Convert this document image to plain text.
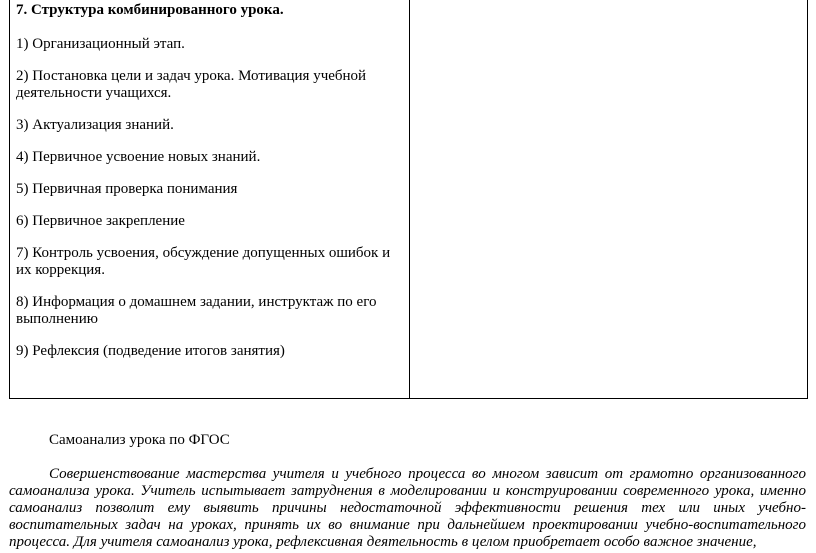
7. Структура комбинированного урока.

1) Организационный этап.

2) Постановка цели и задач урока. Мотивация учебной деятельности учащихся.

3) Актуализация знаний.

4) Первичное усвоение новых знаний.

5) Первичная проверка понимания

6) Первичное закрепление

7) Контроль усвоения, обсуждение допущенных ошибок и их коррекция.

8) Информация о домашнем задании, инструктаж по его выполнению

9) Рефлексия (подведение итогов занятия)

Самоанализ урока по ФГОС

Совершенствование мастерства учителя и учебного процесса во многом зависит от грамотно организованного самоанализа урока. Учитель испытывает затруднения в моделировании и конструировании современного урока, именно самоанализ позволит ему выявить причины недостаточной эффективности решения тех или иных учебно-воспитательных задач на уроках, принять их во внимание при дальнейшем проектировании учебно-воспитательного процесса. Для учителя самоанализ урока, рефлексивная деятельность в целом приобретает особо важное значение,
